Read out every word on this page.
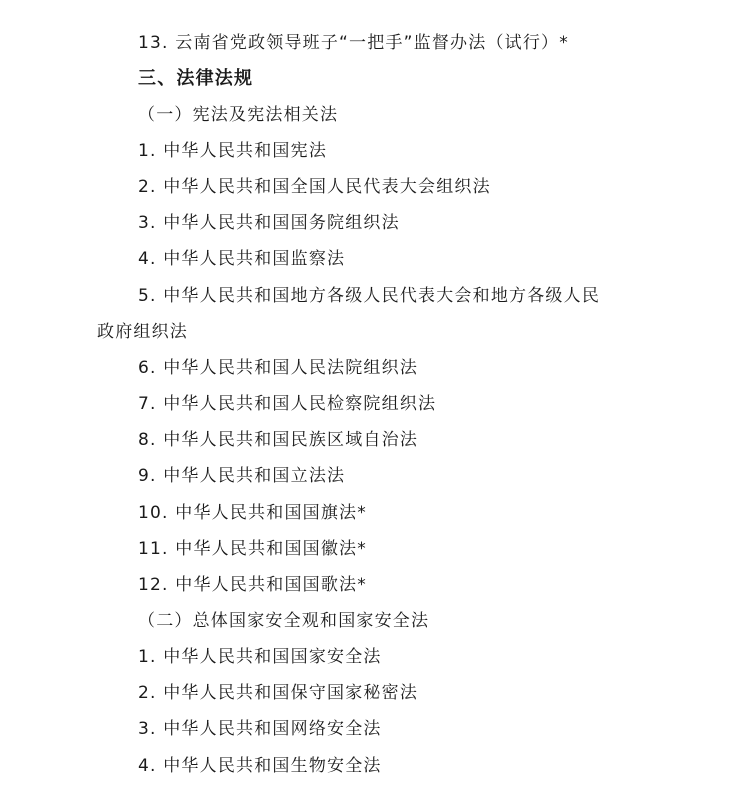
13. 云南省党政领导班子“一把手”监督办法（试行）*
三、法律法规
（一）宪法及宪法相关法
1. 中华人民共和国宪法
2. 中华人民共和国全国人民代表大会组织法
3. 中华人民共和国国务院组织法
4. 中华人民共和国监察法
5. 中华人民共和国地方各级人民代表大会和地方各级人民
政府组织法
6. 中华人民共和国人民法院组织法
7. 中华人民共和国人民检察院组织法
8. 中华人民共和国民族区域自治法
9. 中华人民共和国立法法
10. 中华人民共和国国旗法*
11. 中华人民共和国国徽法*
12. 中华人民共和国国歌法*
（二）总体国家安全观和国家安全法
1. 中华人民共和国国家安全法
2. 中华人民共和国保守国家秘密法
3. 中华人民共和国网络安全法
4. 中华人民共和国生物安全法
